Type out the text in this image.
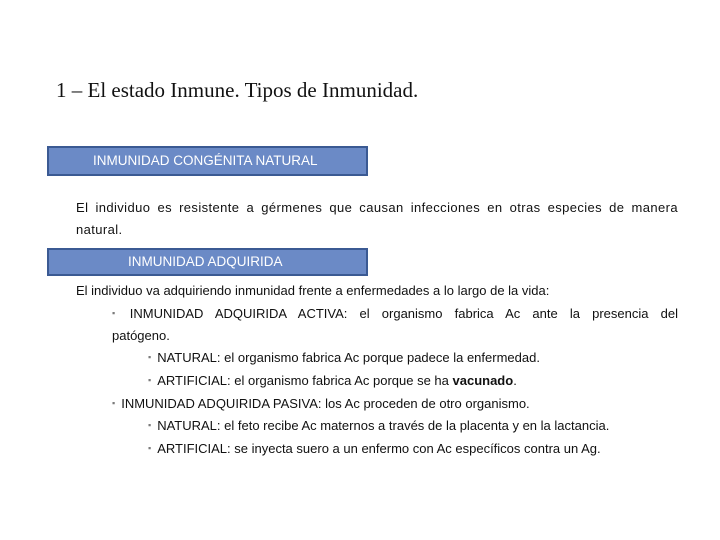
1 – El estado Inmune. Tipos de Inmunidad.
INMUNIDAD CONGÉNITA NATURAL
El individuo es resistente a gérmenes que causan infecciones en otras especies de manera natural.
INMUNIDAD ADQUIRIDA
El individuo va adquiriendo inmunidad frente a enfermedades a lo largo de la vida:
▪ INMUNIDAD ADQUIRIDA ACTIVA: el organismo fabrica Ac ante la presencia del
patógeno.
▪ NATURAL: el organismo fabrica Ac porque padece la enfermedad.
▪ ARTIFICIAL: el organismo fabrica Ac porque se ha vacunado.
▪ INMUNIDAD ADQUIRIDA PASIVA: los Ac proceden de otro organismo.
▪ NATURAL: el feto recibe Ac maternos a través de la placenta y en la lactancia.
▪ ARTIFICIAL: se inyecta suero a un enfermo con Ac específicos contra un Ag.
